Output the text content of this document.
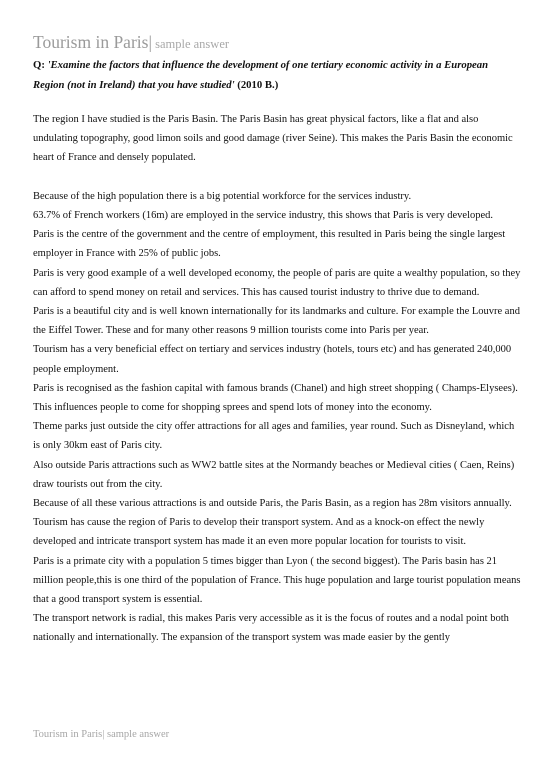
Tourism in Paris| sample answer
Q: 'Examine the factors that influence the development of one tertiary economic activity in a European Region (not in Ireland) that you have studied' (2010 B.)

The region I have studied is the Paris Basin. The Paris Basin has great physical factors, like a flat and also undulating topography, good limon soils and good damage (river Seine). This makes the Paris Basin the economic heart of France and densely populated.

Because of the high population there is a big potential workforce for the services industry.

63.7% of French workers (16m) are employed in the service industry, this shows that Paris is very developed.

Paris is the centre of the government and the centre of employment, this resulted in Paris being the single largest employer in France with 25% of public jobs.

Paris is very good example of a well developed economy, the people of paris are quite a wealthy population, so they can afford to spend money on retail and services. This has caused tourist industry to thrive due to demand.

Paris is a beautiful city and is well known internationally for its landmarks and culture. For example the Louvre and the Eiffel Tower. These and for many other reasons 9 million tourists come into Paris per year.

Tourism has a very beneficial effect on tertiary and services industry (hotels, tours etc) and has generated 240,000 people employment.

Paris is recognised as the fashion capital with famous brands (Chanel) and high street shopping ( Champs-Elysees).

This influences people to come for shopping sprees and spend lots of money into the economy.

Theme parks just outside the city offer attractions for all ages and families, year round. Such as Disneyland, which is only 30km east of Paris city.

Also outside Paris attractions such as WW2 battle sites at the Normandy beaches or Medieval cities ( Caen, Reins) draw tourists out from the city.

Because of all these various attractions is and outside Paris, the Paris Basin, as a region has 28m visitors annually.

Tourism has cause the region of Paris to develop their transport system. And as a knock-on effect the newly developed and intricate transport system has made it an even more popular location for tourists to visit.

Paris is a primate city with a population 5 times bigger than Lyon ( the second biggest). The Paris basin has 21 million people,this is one third of the population of France. This huge population and large tourist population means that a good transport system is essential.

The transport network is radial, this makes Paris very accessible as it is the focus of routes and a nodal point both nationally and internationally. The expansion of the transport system was made easier by the gently

Tourism in Paris| sample answer
